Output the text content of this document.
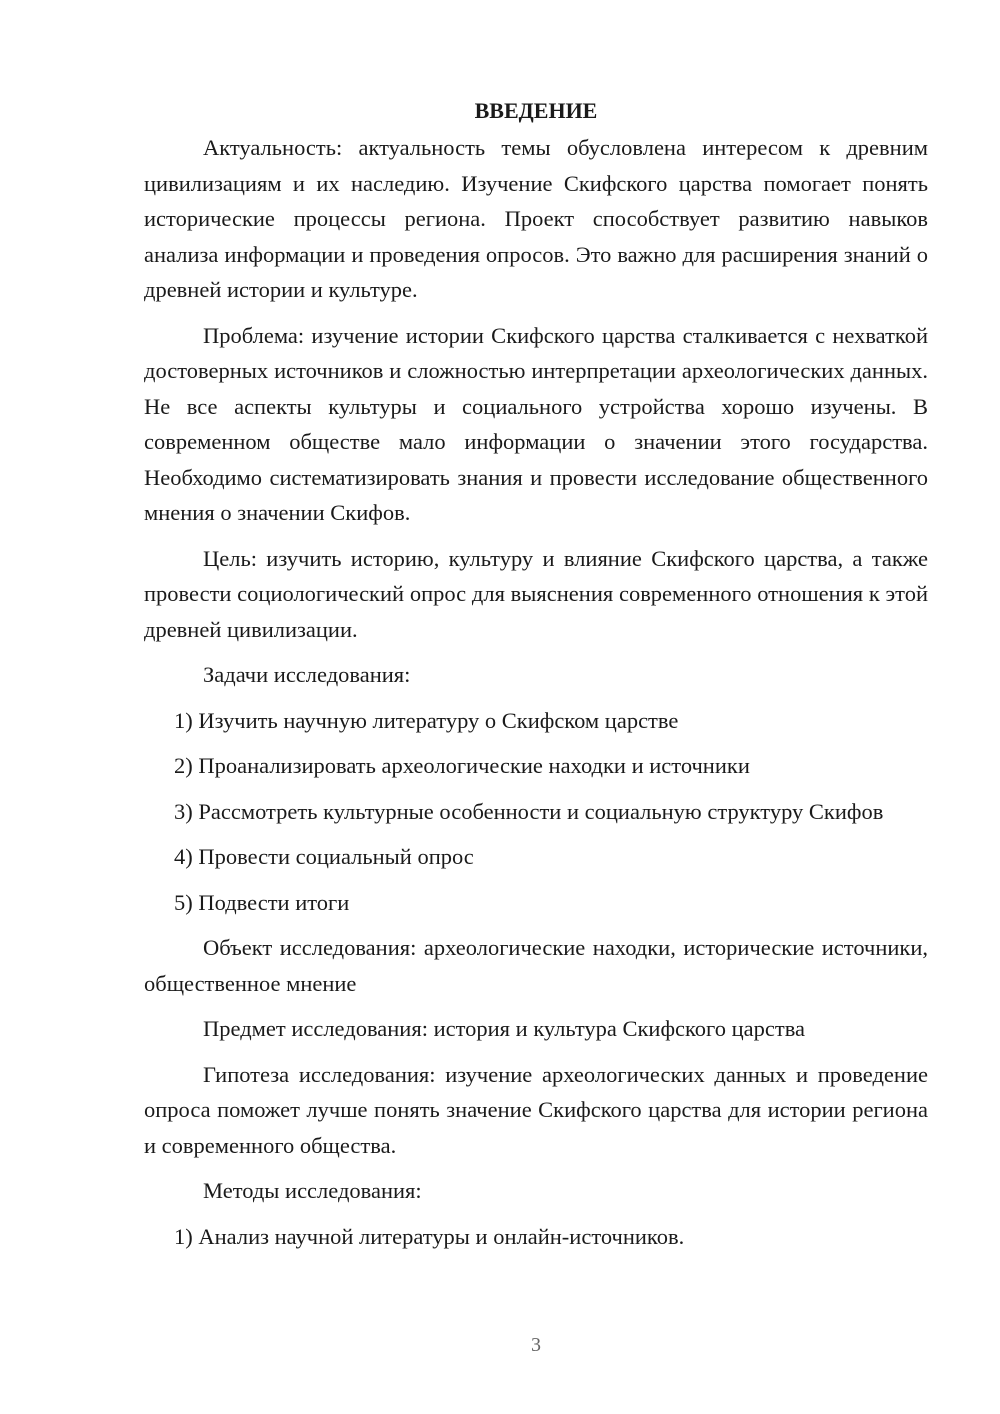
ВВЕДЕНИЕ

Актуальность: актуальность темы обусловлена интересом к древним цивилизациям и их наследию. Изучение Скифского царства помогает понять исторические процессы региона. Проект способствует развитию навыков анализа информации и проведения опросов. Это важно для расширения знаний о древней истории и культуре.

Проблема: изучение истории Скифского царства сталкивается с нехваткой достоверных источников и сложностью интерпретации археологических данных. Не все аспекты культуры и социального устройства хорошо изучены. В современном обществе мало информации о значении этого государства. Необходимо систематизировать знания и провести исследование общественного мнения о значении Скифов.

Цель: изучить историю, культуру и влияние Скифского царства, а также провести социологический опрос для выяснения современного отношения к этой древней цивилизации.

Задачи исследования:

1) Изучить научную литературу о Скифском царстве

2) Проанализировать археологические находки и источники

3) Рассмотреть культурные особенности и социальную структуру Скифов

4) Провести социальный опрос

5) Подвести итоги

Объект исследования: археологические находки, исторические источники, общественное мнение

Предмет исследования: история и культура Скифского царства

Гипотеза исследования: изучение археологических данных и проведение опроса поможет лучше понять значение Скифского царства для истории региона и современного общества.

Методы исследования:

1) Анализ научной литературы и онлайн-источников.

3
